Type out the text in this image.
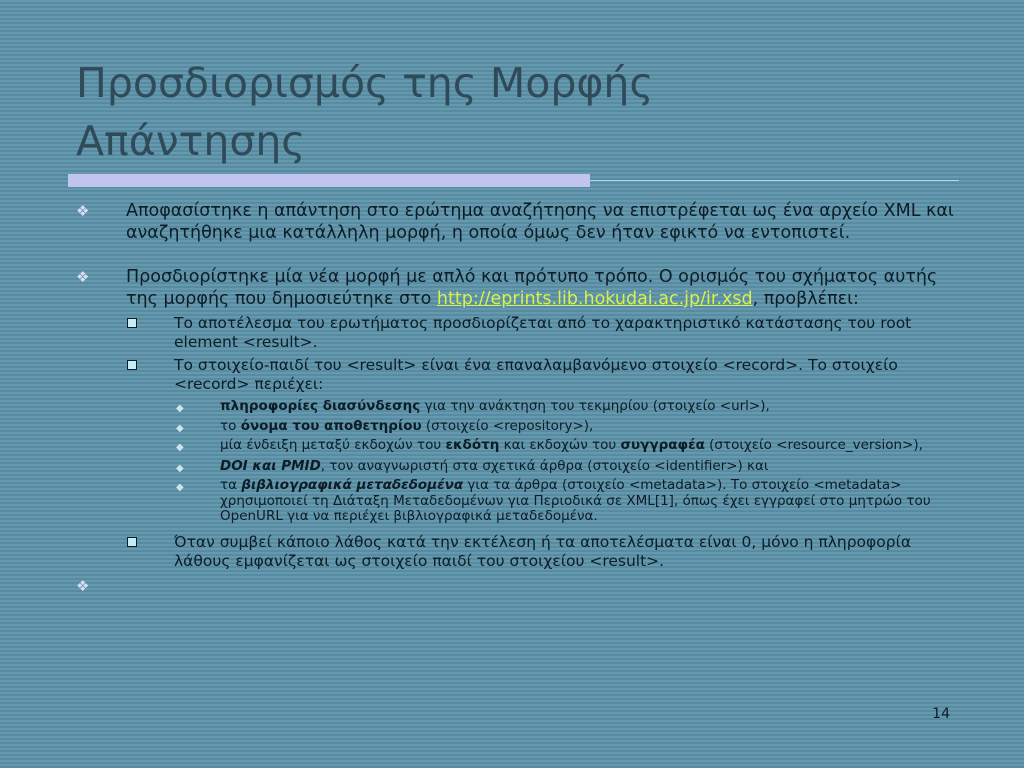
Προσδιορισμός της Μορφής
Απάντησης
❖ Αποφασίστηκε η απάντηση στο ερώτημα αναζήτησης να επιστρέφεται ως ένα αρχείο XML και αναζητήθηκε μια κατάλληλη μορφή, η οποία όμως δεν ήταν εφικτό να εντοπιστεί.
❖ Προσδιορίστηκε μία νέα μορφή με απλό και πρότυπο τρόπο. Ο ορισμός του σχήματος αυτής της μορφής που δημοσιεύτηκε στο http://eprints.lib.hokudai.ac.jp/ir.xsd, προβλέπει:
Το αποτέλεσμα του ερωτήματος προσδιορίζεται από το χαρακτηριστικό κατάστασης του root element <result>.
Το στοιχείο-παιδί του <result> είναι ένα επαναλαμβανόμενο στοιχείο <record>. Το στοιχείο <record> περιέχει:
◆	πληροφορίες διασύνδεσης για την ανάκτηση του τεκμηρίου (στοιχείο <url>),
◆	το όνομα του αποθετηρίου (στοιχείο <repository>),
◆	μία ένδειξη μεταξύ εκδοχών του εκδότη και εκδοχών του συγγραφέα (στοιχείο <resource_version>),
◆	DOI και PMID, τον αναγνωριστή στα σχετικά άρθρα (στοιχείο <identifier>) και
◆	τα βιβλιογραφικά μεταδεδομένα για τα άρθρα (στοιχείο <metadata>). Το στοιχείο <metadata> χρησιμοποιεί τη Διάταξη Μεταδεδομένων για Περιοδικά σε XML[1], όπως έχει εγγραφεί στο μητρώο του OpenURL για να περιέχει βιβλιογραφικά μεταδεδομένα.
Όταν συμβεί κάποιο λάθος κατά την εκτέλεση ή τα αποτελέσματα είναι 0, μόνο η πληροφορία λάθους εμφανίζεται ως στοιχείο παιδί του στοιχείου <result>.
❖

14
